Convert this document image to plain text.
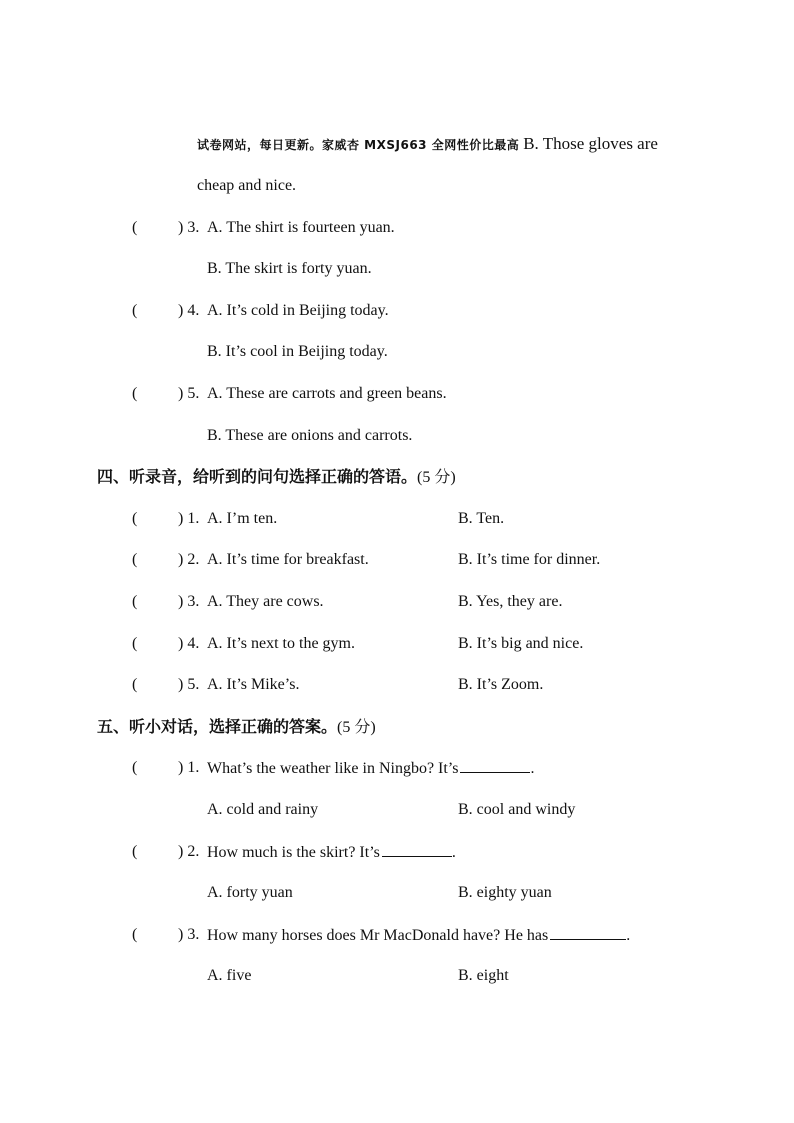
试卷网站，每日更新。家威杏 MXSJ663 全网性价比最高 B. Those gloves are
cheap and nice.
(	) 3. A. The shirt is fourteen yuan.
B. The skirt is forty yuan.
(	) 4. A. It’s cold in Beijing today.
B. It’s cool in Beijing today.
(	) 5. A. These are carrots and green beans.
B. These are onions and carrots.
四、听录音，给听到的问句选择正确的答语。(5 分)
(	) 1. A. I’m ten.	B. Ten.
(	) 2. A. It’s time for breakfast.	B. It’s time for dinner.
(	) 3. A. They are cows.	B. Yes, they are.
(	) 4. A. It’s next to the gym.	B. It’s big and nice.
(	) 5. A. It’s Mike’s.	B. It’s Zoom.
五、听小对话，选择正确的答案。(5 分)
(	) 1. What’s the weather like in Ningbo? It’s	.
A. cold and rainy	B. cool and windy
(	) 2. How much is the skirt? It’s	.
A. forty yuan	B. eighty yuan
(	) 3. How many horses does Mr MacDonald have? He has	.
A. five	B. eight
